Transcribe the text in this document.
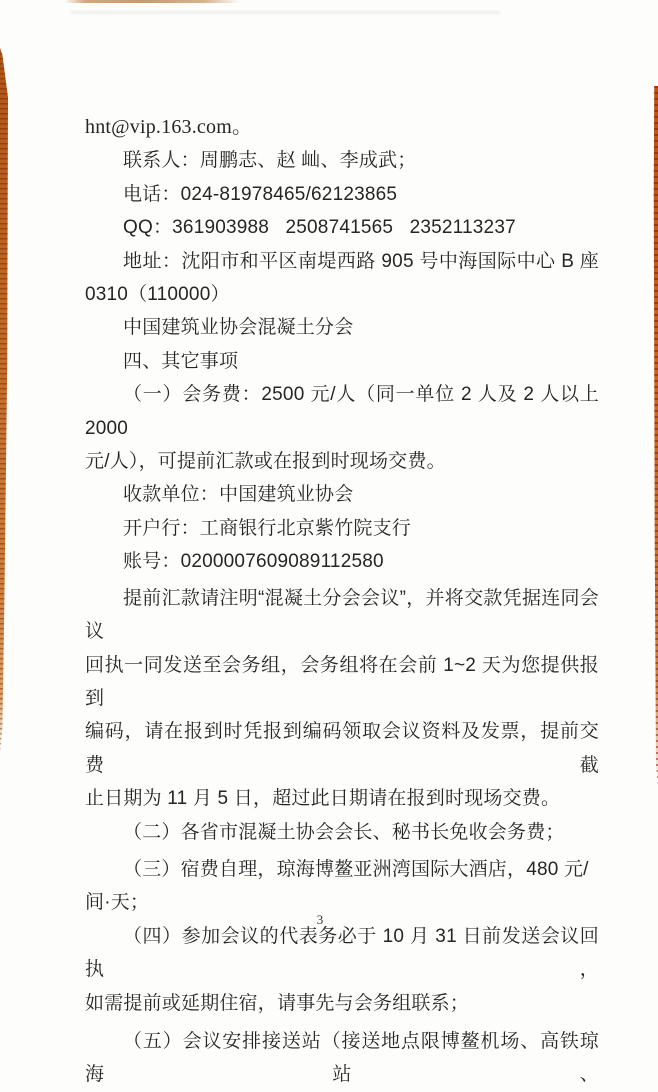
hnt@vip.163.com。
联系人：周鹏志、赵 屾、李成武；
电话：024-81978465/62123865
QQ：361903988   2508741565   2352113237
地址：沈阳市和平区南堤西路 905 号中海国际中心 B 座
0310（110000）
中国建筑业协会混凝土分会
四、其它事项
（一）会务费：2500 元/人（同一单位 2 人及 2 人以上 2000
元/人），可提前汇款或在报到时现场交费。
收款单位：中国建筑业协会
开户行：工商银行北京紫竹院支行
账号：0200007609089112580
提前汇款请注明“混凝土分会会议”，并将交款凭据连同会议
回执一同发送至会务组，会务组将在会前 1~2 天为您提供报到
编码，请在报到时凭报到编码领取会议资料及发票，提前交费截
止日期为 11 月 5 日，超过此日期请在报到时现场交费。
（二）各省市混凝土协会会长、秘书长免收会务费；
（三）宿费自理，琼海博鳌亚洲湾国际大酒店，480 元/间·天；
（四）参加会议的代表务必于 10 月 31 日前发送会议回执，
如需提前或延期住宿，请事先与会务组联系；
（五）会议安排接送站（接送地点限博鳌机场、高铁琼海站、
3
